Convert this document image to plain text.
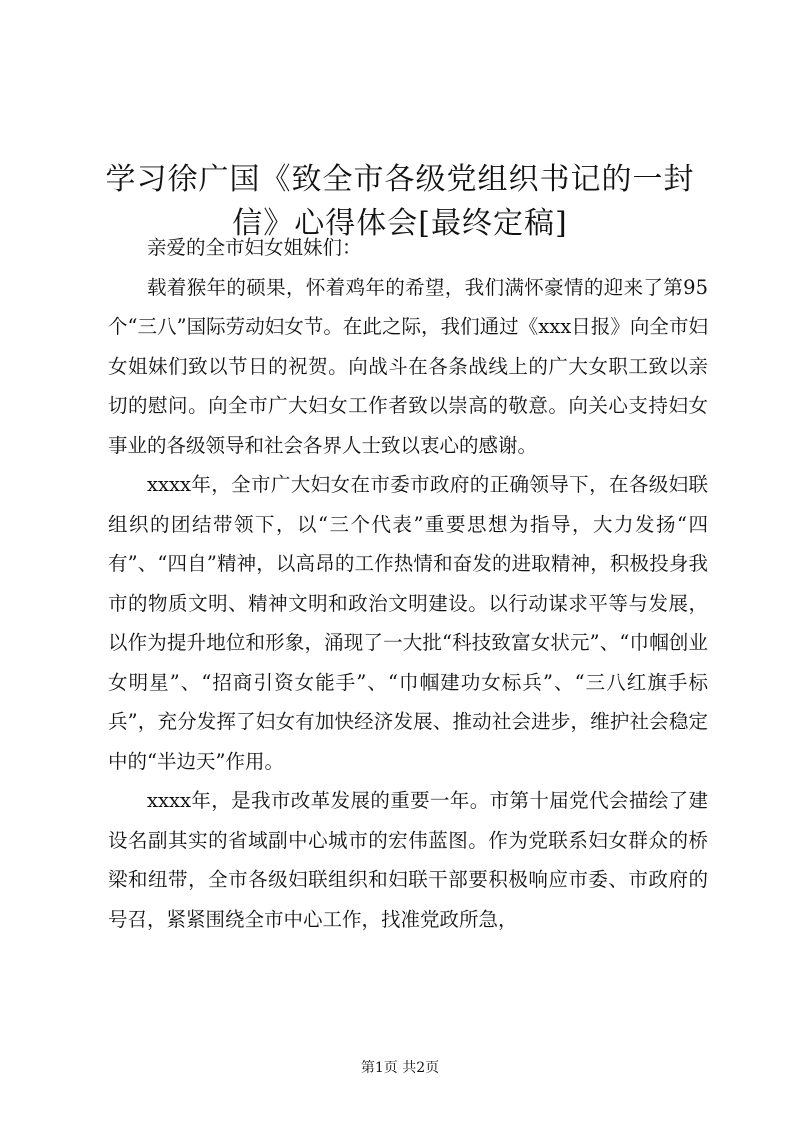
学习徐广国《致全市各级党组织书记的一封
信》心得体会[最终定稿]

亲爱的全市妇女姐妹们：

载着猴年的硕果，怀着鸡年的希望，我们满怀豪情的迎来了第95个“三八”国际劳动妇女节。在此之际，我们通过《xxx日报》向全市妇女姐妹们致以节日的祝贺。向战斗在各条战线上的广大女职工致以亲切的慰问。向全市广大妇女工作者致以崇高的敬意。向关心支持妇女事业的各级领导和社会各界人士致以衷心的感谢。

xxxx年，全市广大妇女在市委市政府的正确领导下，在各级妇联组织的团结带领下，以“三个代表”重要思想为指导，大力发扬“四有”、“四自”精神，以高昂的工作热情和奋发的进取精神，积极投身我市的物质文明、精神文明和政治文明建设。以行动谋求平等与发展，以作为提升地位和形象，涌现了一大批“科技致富女状元”、“巾帼创业女明星”、“招商引资女能手”、“巾帼建功女标兵”、“三八红旗手标兵”，充分发挥了妇女有加快经济发展、推动社会进步，维护社会稳定中的“半边天”作用。

xxxx年，是我市改革发展的重要一年。市第十届党代会描绘了建设名副其实的省域副中心城市的宏伟蓝图。作为党联系妇女群众的桥梁和纽带，全市各级妇联组织和妇联干部要积极响应市委、市政府的号召，紧紧围绕全市中心工作，找准党政所急，

第1页 共2页
